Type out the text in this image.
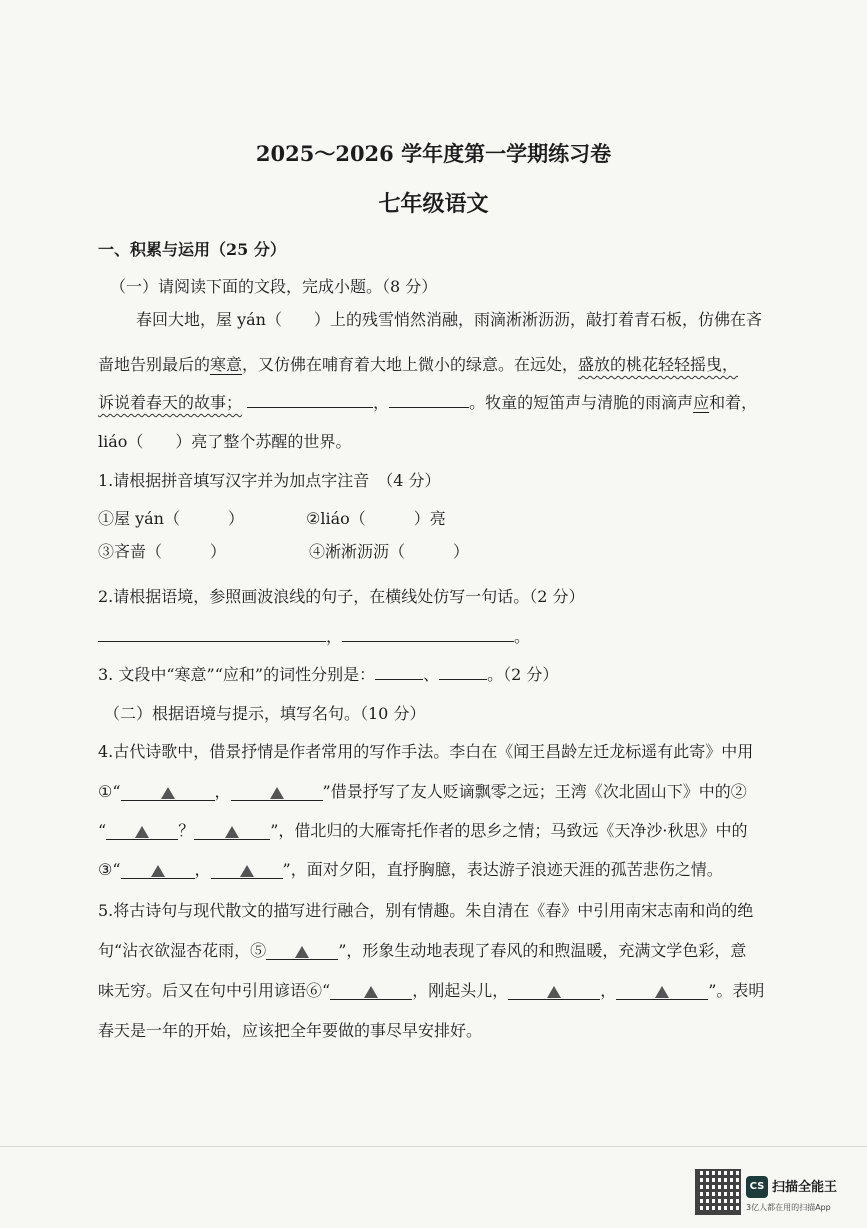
2025～2026 学年度第一学期练习卷
七年级语文
一、积累与运用（25 分）
（一）请阅读下面的文段，完成小题。（8 分）
春回大地，屋 yán（　　）上的残雪悄然消融，雨滴淅淅沥沥，敲打着青石板，仿佛在吝
啬地告别最后的寒意，又仿佛在哺育着大地上微小的绿意。在远处，盛放的桃花轻轻摇曳，
诉说着春天的故事；	，	。牧童的短笛声与清脆的雨滴声应和着，
liáo（　　）亮了整个苏醒的世界。
1.请根据拼音填写汉字并为加点字注音　（4 分）
①屋 yán（　　　）	②liáo（　　　）亮
③吝啬（　　　）	④淅淅沥沥（　　　）
2.请根据语境，参照画波浪线的句子，在横线处仿写一句话。（2 分）
，	。
3. 文段中“寒意”“应和”的词性分别是：	、	。（2 分）
（二）根据语境与提示，填写名句。（10 分）
4.古代诗歌中，借景抒情是作者常用的写作手法。李白在《闻王昌龄左迁龙标遥有此寄》中用
①“	，	”借景抒写了友人贬谪飘零之远；王湾《次北固山下》中的②
“	？	”，借北归的大雁寄托作者的思乡之情；马致远《天净沙·秋思》中的
③“	，	”，面对夕阳，直抒胸臆，表达游子浪迹天涯的孤苦悲伤之情。
5.将古诗句与现代散文的描写进行融合，别有情趣。朱自清在《春》中引用南宋志南和尚的绝
句“沾衣欲湿杏花雨，⑤	”，形象生动地表现了春风的和煦温暖，充满文学色彩，意
味无穷。后又在句中引用谚语⑥“	，刚起头儿，	，	”。表明
春天是一年的开始，应该把全年要做的事尽早安排好。
CS 扫描全能王
3亿人都在用的扫描App
